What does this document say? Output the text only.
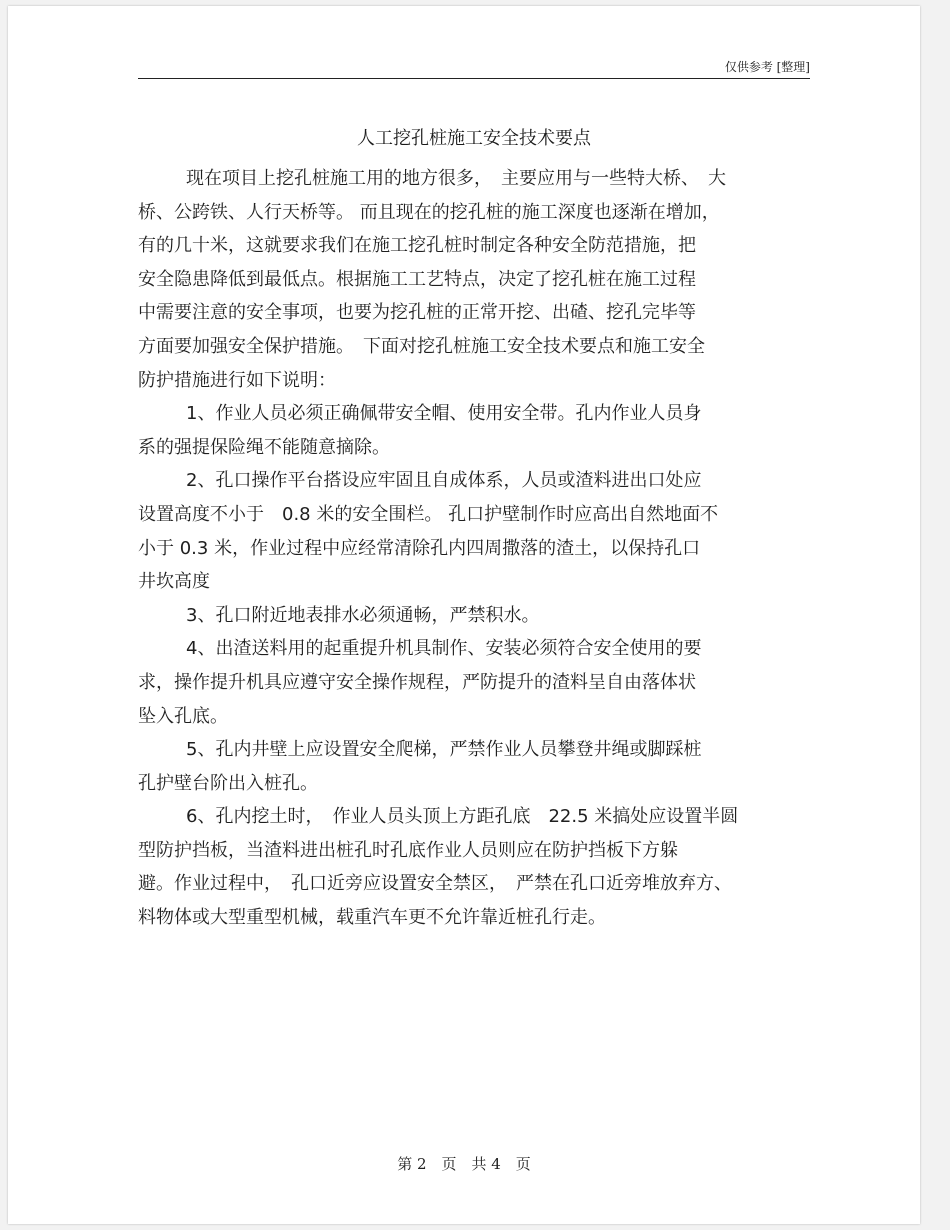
仅供参考 [整理]
人工挖孔桩施工安全技术要点
现在项目上挖孔桩施工用的地方很多，　主要应用与一些特大桥、　大
桥、公跨铁、人行天桥等。 而且现在的挖孔桩的施工深度也逐渐在增加，
有的几十米，这就要求我们在施工挖孔桩时制定各种安全防范措施，把
安全隐患降低到最低点。根据施工工艺特点，决定了挖孔桩在施工过程
中需要注意的安全事项，也要为挖孔桩的正常开挖、出碴、挖孔完毕等
方面要加强安全保护措施。　下面对挖孔桩施工安全技术要点和施工安全
防护措施进行如下说明：
1、作业人员必须正确佩带安全帽、使用安全带。孔内作业人员身
系的强提保险绳不能随意摘除。
2、孔口操作平台搭设应牢固且自成体系，人员或渣料进出口处应
设置高度不小于　0.8 米的安全围栏。 孔口护壁制作时应高出自然地面不
小于 0.3 米，作业过程中应经常清除孔内四周撒落的渣土，以保持孔口
井坎高度
3、孔口附近地表排水必须通畅，严禁积水。
4、出渣送料用的起重提升机具制作、安装必须符合安全使用的要
求，操作提升机具应遵守安全操作规程，严防提升的渣料呈自由落体状
坠入孔底。
5、孔内井壁上应设置安全爬梯，严禁作业人员攀登井绳或脚踩桩
孔护壁台阶出入桩孔。
6、孔内挖土时，　作业人员头顶上方距孔底　22.5 米搞处应设置半圆
型防护挡板，当渣料进出桩孔时孔底作业人员则应在防护挡板下方躲
避。作业过程中，　孔口近旁应设置安全禁区，　严禁在孔口近旁堆放弃方、
料物体或大型重型机械，载重汽车更不允许靠近桩孔行走。
第 2　页　共 4　页
